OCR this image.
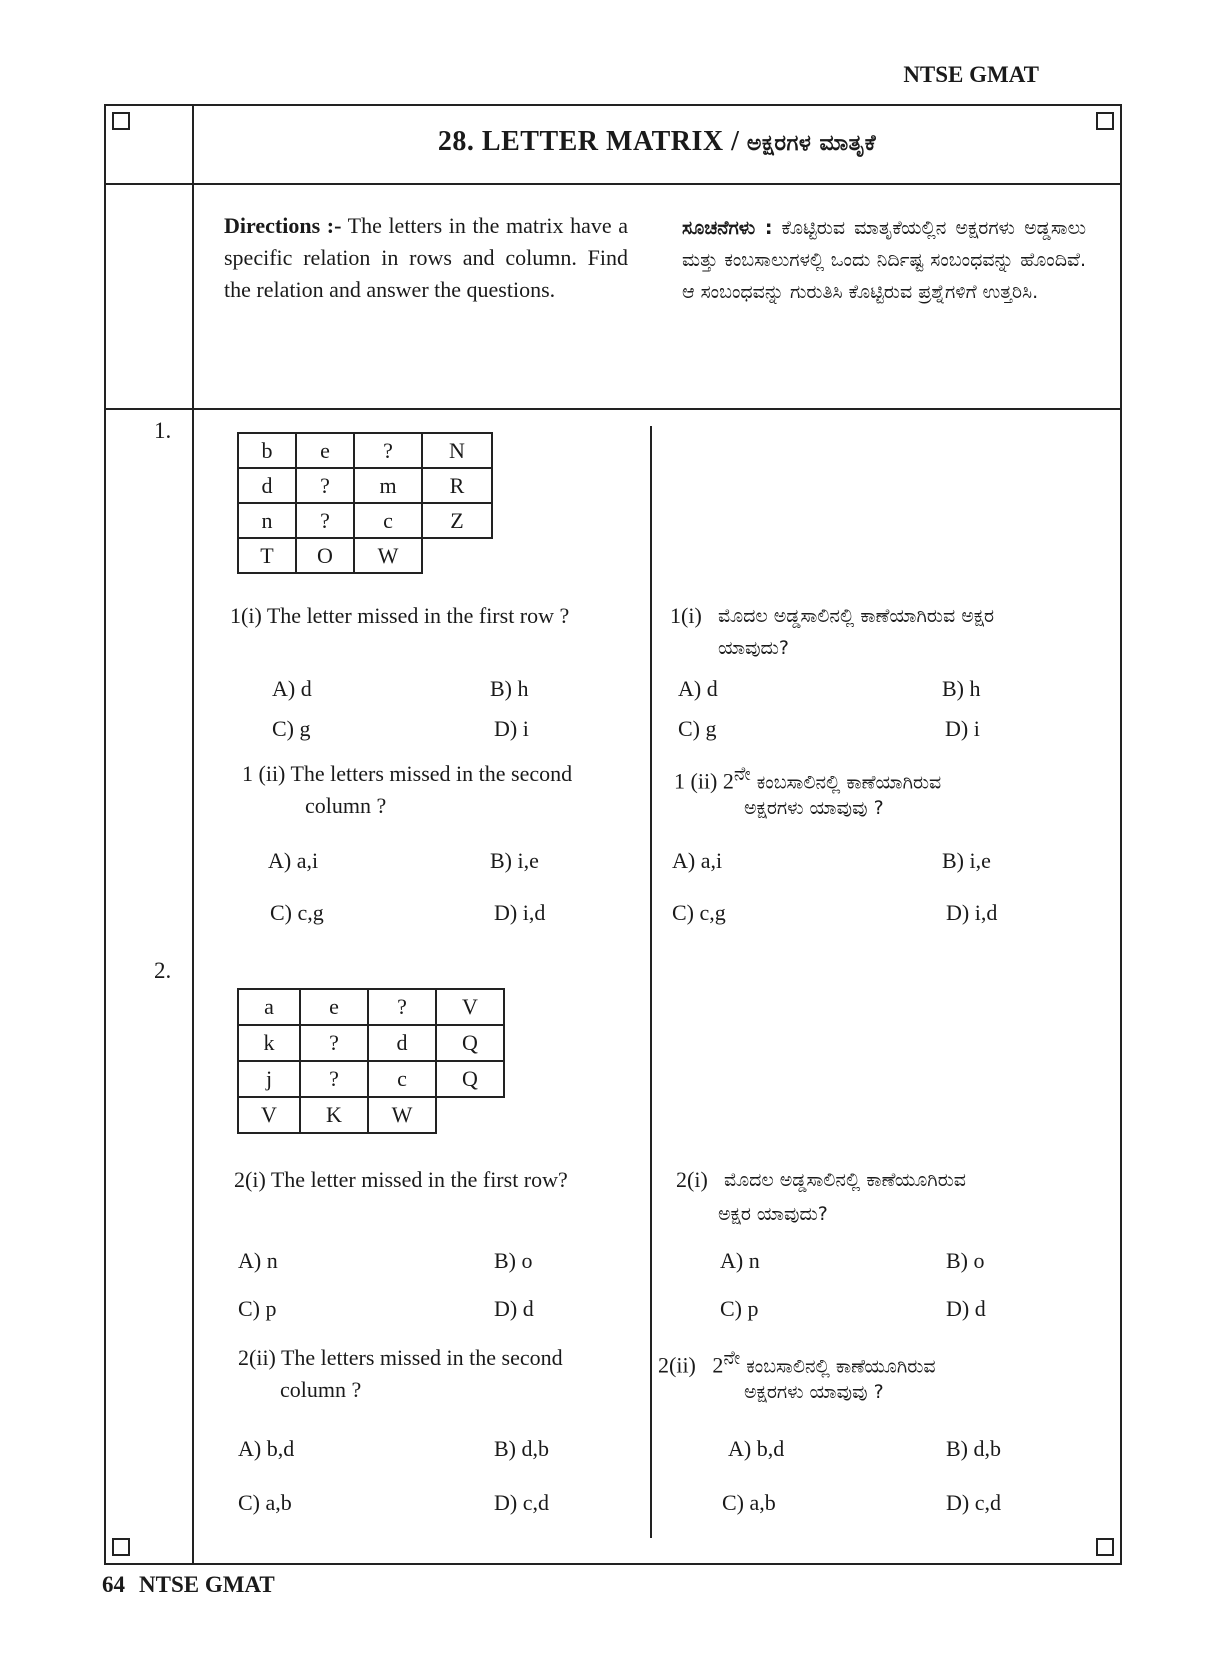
NTSE GMAT
64 NTSE GMAT
28. LETTER MATRIX / ಅಕ್ಷರಗಳ ಮಾತೃಕೆ
Directions :- The letters in the matrix have a specific relation in rows and column. Find the relation and answer the questions.
ಸೂಚನೆಗಳು : ಕೊಟ್ಟಿರುವ ಮಾತೃಕೆಯಲ್ಲಿನ ಅಕ್ಷರಗಳು ಅಡ್ಡಸಾಲು ಮತ್ತು ಕಂಬಸಾಲುಗಳಲ್ಲಿ ಒಂದು ನಿರ್ದಿಷ್ಟ ಸಂಬಂಧವನ್ನು ಹೊಂದಿವೆ. ಆ ಸಂಬಂಧವನ್ನು ಗುರುತಿಸಿ ಕೊಟ್ಟಿರುವ ಪ್ರಶ್ನೆಗಳಿಗೆ ಉತ್ತರಿಸಿ.
1.
b	e	?	N
d	?	m	R
n	?	c	Z
T	O	W	
1(i) The letter missed in the first row ?	1(i) ಮೊದಲ ಅಡ್ಡಸಾಲಿನಲ್ಲಿ ಕಾಣೆಯಾಗಿರುವ ಅಕ್ಷರ
ಯಾವುದು?
A) d	B) h
C) g	D) i
A) d	B) h
C) g	D) i
1 (ii) The letters missed in the second
column ?
1 (ii) $2^{ನೇ}$ ಕಂಬಸಾಲಿನಲ್ಲಿ ಕಾಣೆಯಾಗಿರುವ
ಅಕ್ಷರಗಳು ಯಾವುವು ?
A) a,i	B) i,e
C) c,g	D) i,d
A) a,i	B) i,e
C) c,g	D) i,d
2.
a	e	?	V
k	?	d	Q
j	?	c	Q
V	K	W	
2(i) The letter missed in the first row?	2(i) ಮೊದಲ ಅಡ್ಡಸಾಲಿನಲ್ಲಿ ಕಾಣೆಯೂಗಿರುವ
ಅಕ್ಷರ ಯಾವುದು?
A) n	B) o
C) p	D) d
A) n	B) o
C) p	D) d
2(ii) The letters missed in the second
column ?
2(ii)   $2^{ನೇ}$ ಕಂಬಸಾಲಿನಲ್ಲಿ ಕಾಣೆಯೂಗಿರುವ
ಅಕ್ಷರಗಳು ಯಾವುವು ?
A) b,d	B) d,b
C) a,b	D) c,d
A) b,d	B) d,b
C) a,b	D) c,d
